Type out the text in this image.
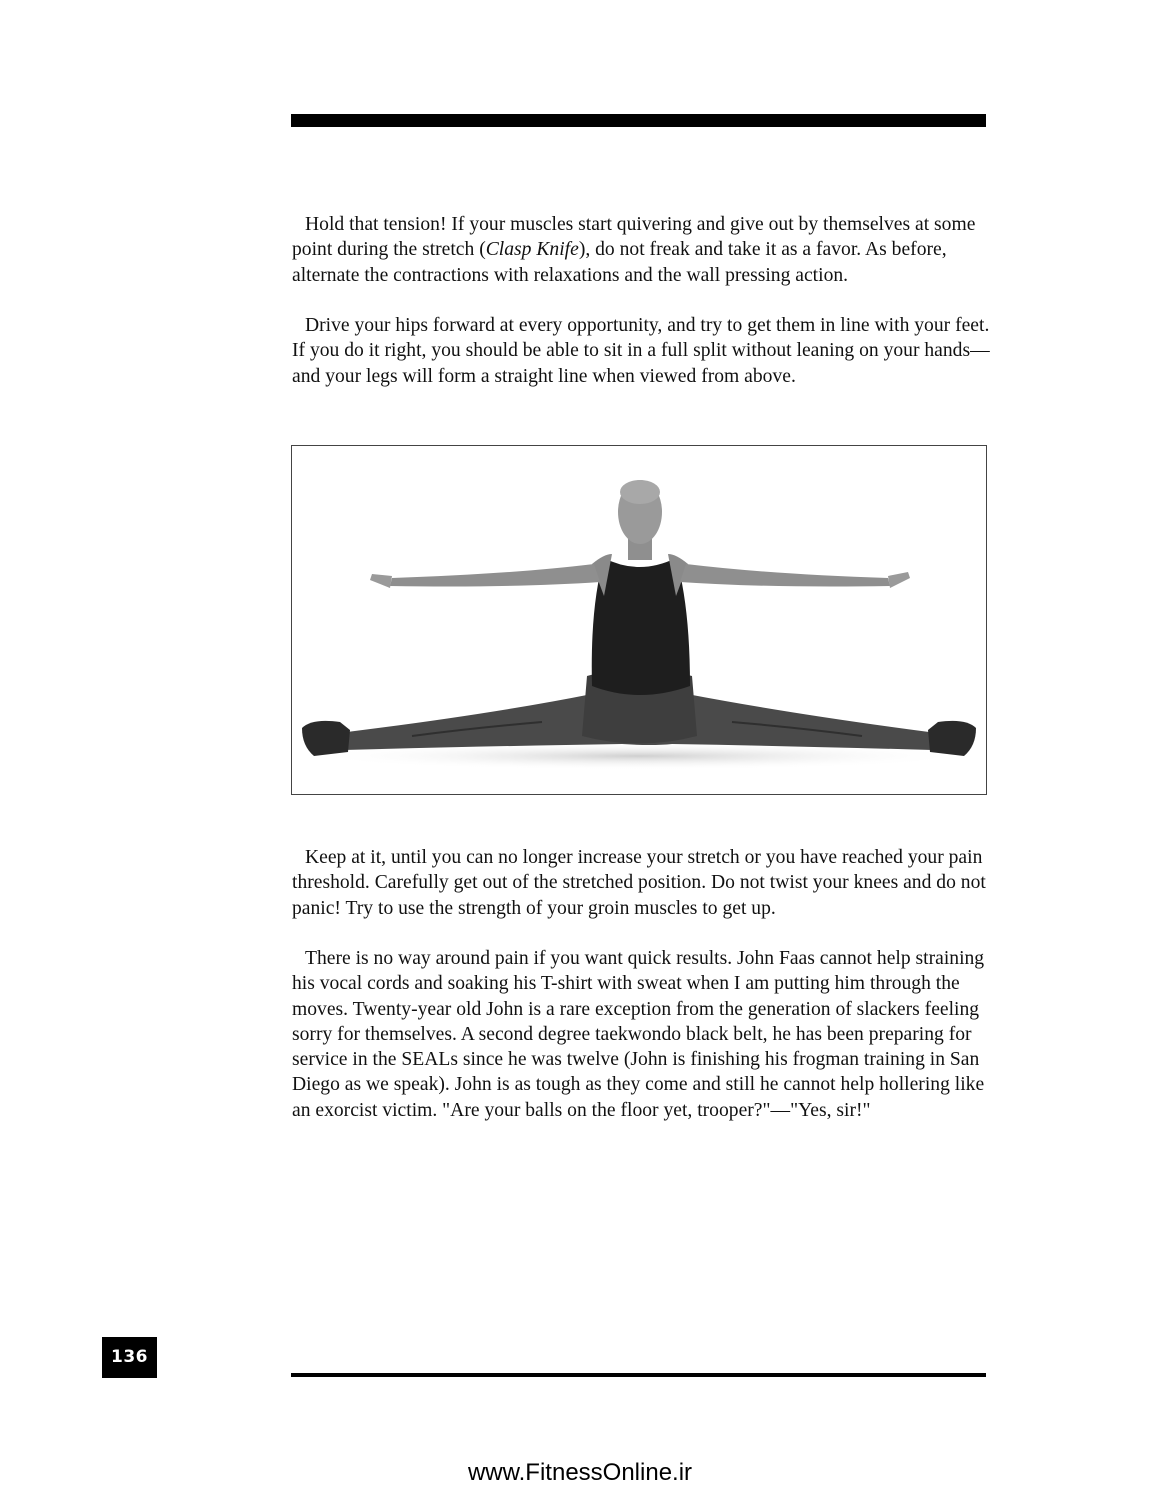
Hold that tension! If your muscles start quivering and give out by themselves at some point during the stretch (Clasp Knife), do not freak and take it as a favor. As before, alternate the contractions with relaxations and the wall pressing action.

Drive your hips forward at every opportunity, and try to get them in line with your feet. If you do it right, you should be able to sit in a full split without leaning on your hands—and your legs will form a straight line when viewed from above.

Keep at it, until you can no longer increase your stretch or you have reached your pain threshold. Carefully get out of the stretched position. Do not twist your knees and do not panic! Try to use the strength of your groin muscles to get up.

There is no way around pain if you want quick results. John Faas cannot help straining his vocal cords and soaking his T-shirt with sweat when I am putting him through the moves. Twenty-year old John is a rare exception from the generation of slackers feeling sorry for themselves. A second degree taekwondo black belt, he has been preparing for service in the SEALs since he was twelve (John is finishing his frogman training in San Diego as we speak). John is as tough as they come and still he cannot help hollering like an exorcist victim. "Are your balls on the floor yet, trooper?"—"Yes, sir!"

136
www.FitnessOnline.ir
